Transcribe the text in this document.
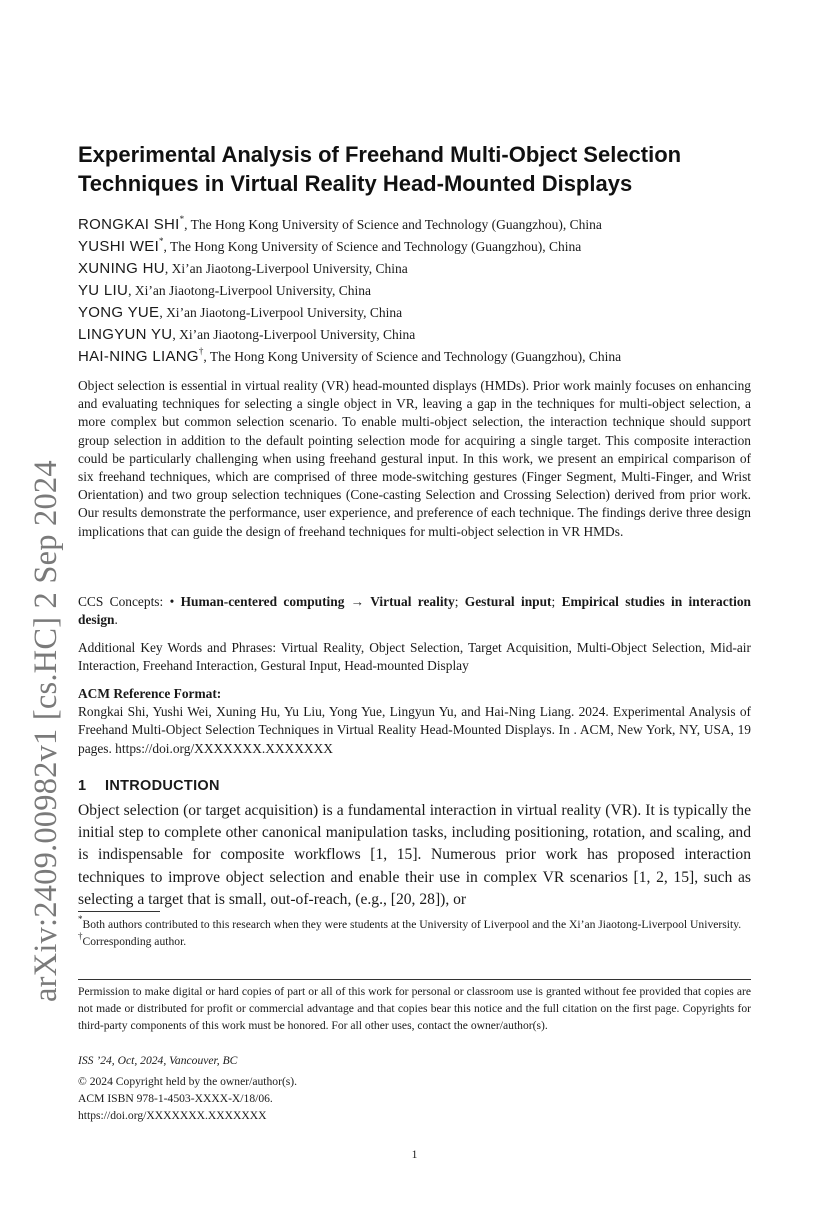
arXiv:2409.00982v1 [cs.HC] 2 Sep 2024
Experimental Analysis of Freehand Multi-Object Selection
Techniques in Virtual Reality Head-Mounted Displays
RONGKAI SHI*, The Hong Kong University of Science and Technology (Guangzhou), China
YUSHI WEI*, The Hong Kong University of Science and Technology (Guangzhou), China
XUNING HU, Xi’an Jiaotong-Liverpool University, China
YU LIU, Xi’an Jiaotong-Liverpool University, China
YONG YUE, Xi’an Jiaotong-Liverpool University, China
LINGYUN YU, Xi’an Jiaotong-Liverpool University, China
HAI-NING LIANG†, The Hong Kong University of Science and Technology (Guangzhou), China

Object selection is essential in virtual reality (VR) head-mounted displays (HMDs). Prior work mainly focuses on enhancing and evaluating techniques for selecting a single object in VR, leaving a gap in the techniques for multi-object selection, a more complex but common selection scenario. To enable multi-object selection, the interaction technique should support group selection in addition to the default pointing selection mode for acquiring a single target. This composite interaction could be particularly challenging when using freehand gestural input. In this work, we present an empirical comparison of six freehand techniques, which are comprised of three mode-switching gestures (Finger Segment, Multi-Finger, and Wrist Orientation) and two group selection techniques (Cone-casting Selection and Crossing Selection) derived from prior work. Our results demonstrate the performance, user experience, and preference of each technique. The findings derive three design implications that can guide the design of freehand techniques for multi-object selection in VR HMDs.

CCS Concepts: • Human-centered computing → Virtual reality; Gestural input; Empirical studies in interaction design.

Additional Key Words and Phrases: Virtual Reality, Object Selection, Target Acquisition, Multi-Object Selection, Mid-air Interaction, Freehand Interaction, Gestural Input, Head-mounted Display

ACM Reference Format:

Rongkai Shi, Yushi Wei, Xuning Hu, Yu Liu, Yong Yue, Lingyun Yu, and Hai-Ning Liang. 2024. Experimental Analysis of Freehand Multi-Object Selection Techniques in Virtual Reality Head-Mounted Displays. In . ACM, New York, NY, USA, 19 pages. https://doi.org/XXXXXXX.XXXXXXX

1 INTRODUCTION

Object selection (or target acquisition) is a fundamental interaction in virtual reality (VR). It is typically the initial step to complete other canonical manipulation tasks, including positioning, rotation, and scaling, and is indispensable for composite workflows [1, 15]. Numerous prior work has proposed interaction techniques to improve object selection and enable their use in complex VR scenarios [1, 2, 15], such as selecting a target that is small, out-of-reach, (e.g., [20, 28]), or

*Both authors contributed to this research when they were students at the University of Liverpool and the Xi’an Jiaotong-Liverpool University.
†Corresponding author.

Permission to make digital or hard copies of part or all of this work for personal or classroom use is granted without fee provided that copies are not made or distributed for profit or commercial advantage and that copies bear this notice and the full citation on the first page. Copyrights for third-party components of this work must be honored. For all other uses, contact the owner/author(s).

ISS ’24, Oct, 2024, Vancouver, BC
© 2024 Copyright held by the owner/author(s).
ACM ISBN 978-1-4503-XXXX-X/18/06.
https://doi.org/XXXXXXX.XXXXXXX
1
